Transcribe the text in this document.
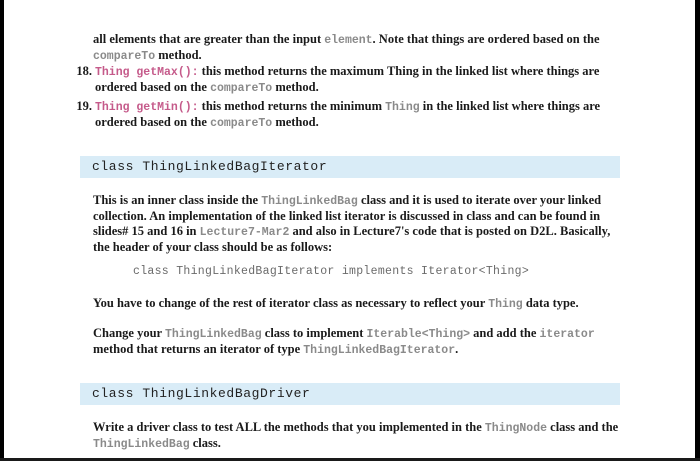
all elements that are greater than the input element. Note that things are ordered based on the compareTo method.

18. Thing getMax(): this method returns the maximum Thing in the linked list where things are ordered based on the compareTo method.
19. Thing getMin(): this method returns the minimum Thing in the linked list where things are ordered based on the compareTo method.
class ThingLinkedBagIterator

This is an inner class inside the ThingLinkedBag class and it is used to iterate over your linked collection. An implementation of the linked list iterator is discussed in class and can be found in slides# 15 and 16 in Lecture7-Mar2 and also in Lecture7's code that is posted on D2L. Basically, the header of your class should be as follows:

class ThingLinkedBagIterator implements Iterator<Thing>

You have to change of the rest of iterator class as necessary to reflect your Thing data type.

Change your ThingLinkedBag class to implement Iterable<Thing> and add the iterator method that returns an iterator of type ThingLinkedBagIterator.

class ThingLinkedBagDriver

Write a driver class to test ALL the methods that you implemented in the ThingNode class and the ThingLinkedBag class.
